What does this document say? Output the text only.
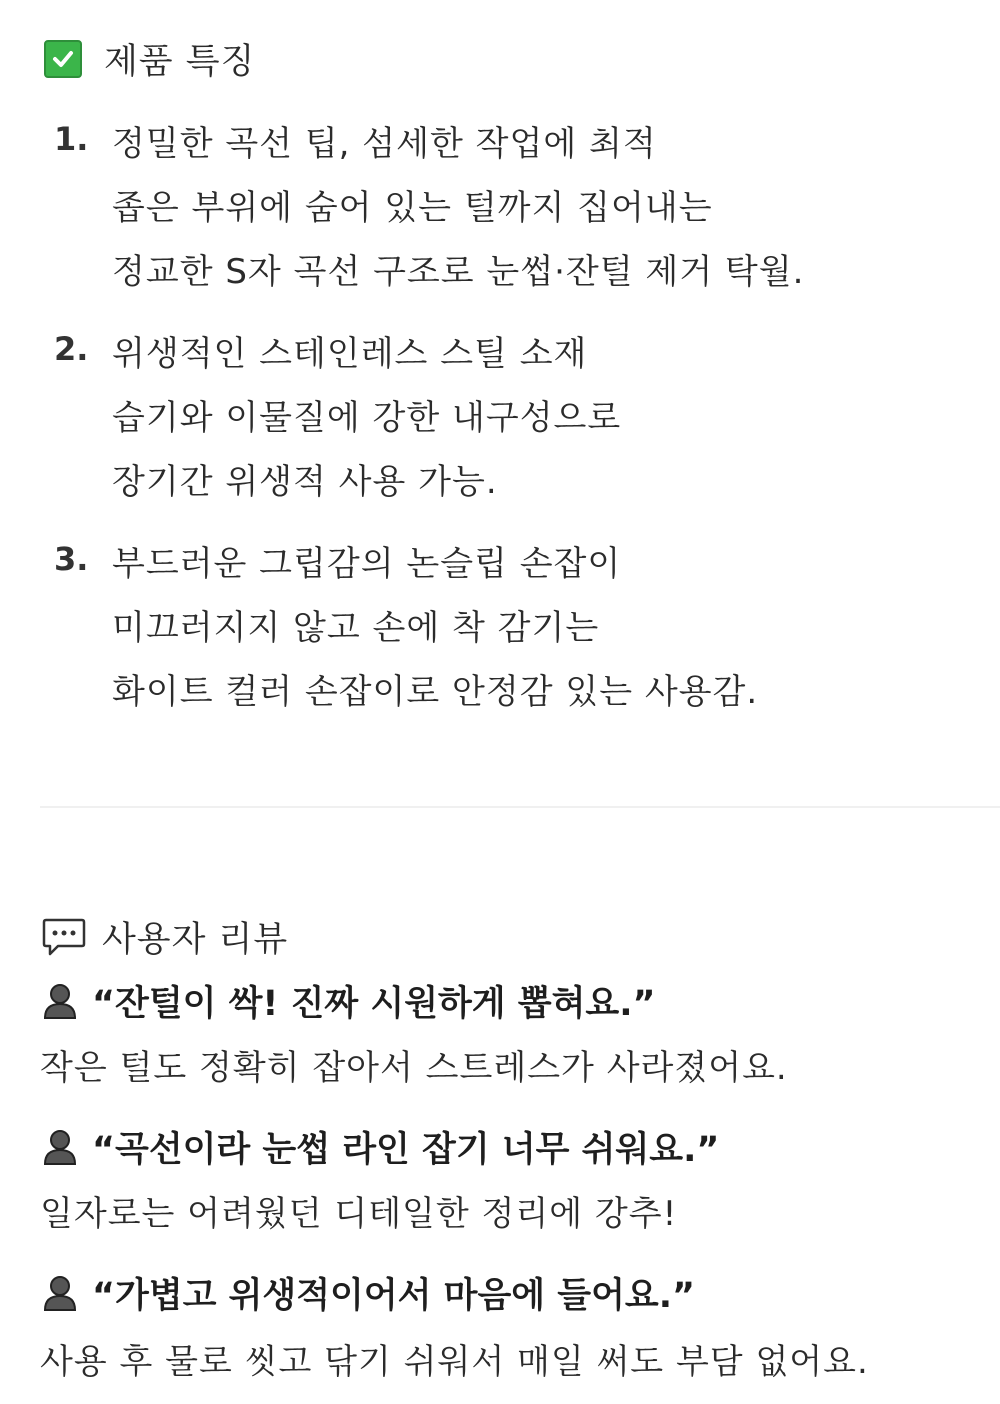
제품 특징
1. 정밀한 곡선 팁, 섬세한 작업에 최적
좁은 부위에 숨어 있는 털까지 집어내는
정교한 S자 곡선 구조로 눈썹·잔털 제거 탁월.
2. 위생적인 스테인레스 스틸 소재
습기와 이물질에 강한 내구성으로
장기간 위생적 사용 가능.
3. 부드러운 그립감의 논슬립 손잡이
미끄러지지 않고 손에 착 감기는
화이트 컬러 손잡이로 안정감 있는 사용감.
사용자 리뷰
“잔털이 싹! 진짜 시원하게 뽑혀요.”
작은 털도 정확히 잡아서 스트레스가 사라졌어요.
“곡선이라 눈썹 라인 잡기 너무 쉬워요.”
일자로는 어려웠던 디테일한 정리에 강추!
“가볍고 위생적이어서 마음에 들어요.”
사용 후 물로 씻고 닦기 쉬워서 매일 써도 부담 없어요.
